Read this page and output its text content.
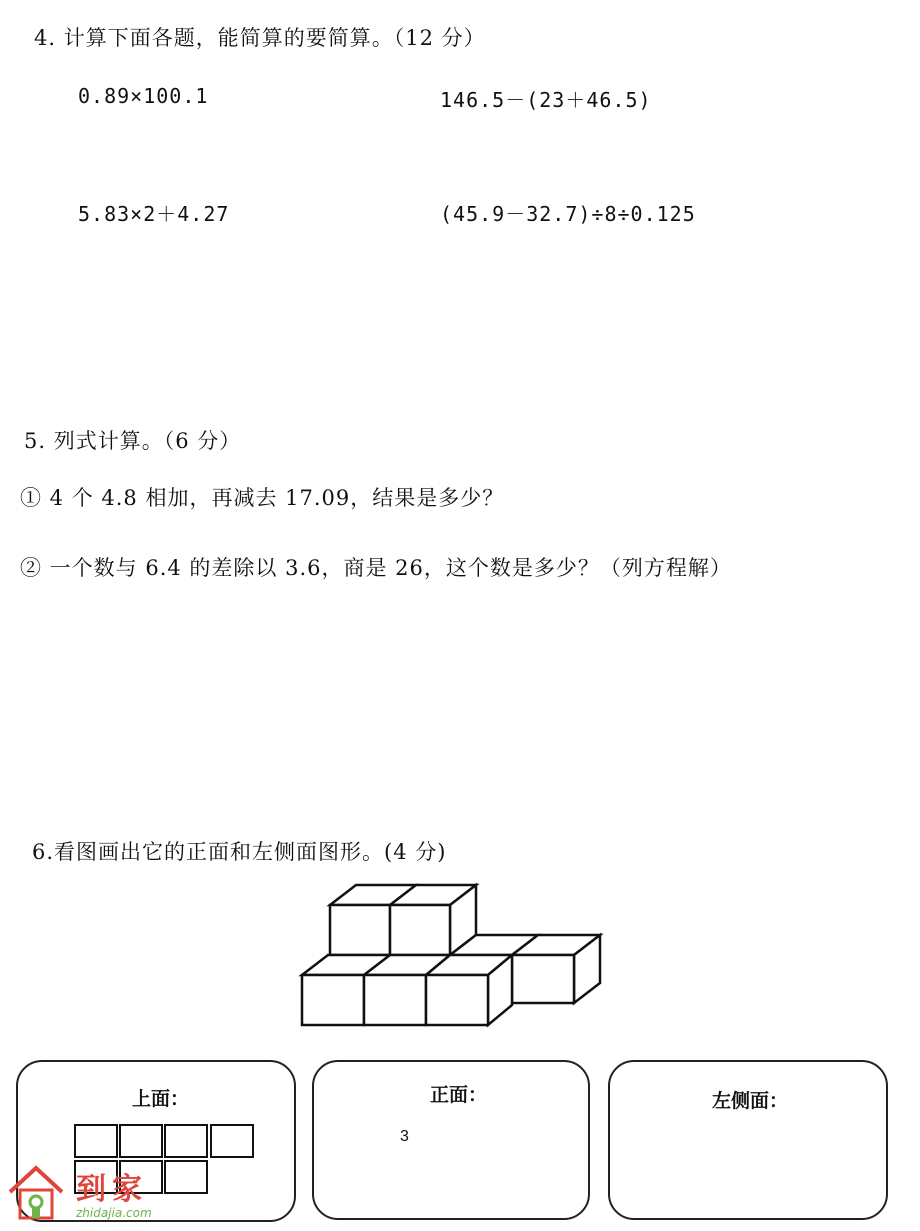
4. 计算下面各题，能简算的要简算。（12 分）
0.89×100.1	146.5－(23＋46.5)
5.83×2＋4.27	(45.9－32.7)÷8÷0.125
5. 列式计算。（6 分）
① 4 个 4.8 相加，再减去 17.09，结果是多少？
② 一个数与 6.4 的差除以 3.6，商是 26，这个数是多少？（列方程解）
6.看图画出它的正面和左侧面图形。(4 分)
上面：	正面：
3
左侧面：
到家
zhidajia.com
